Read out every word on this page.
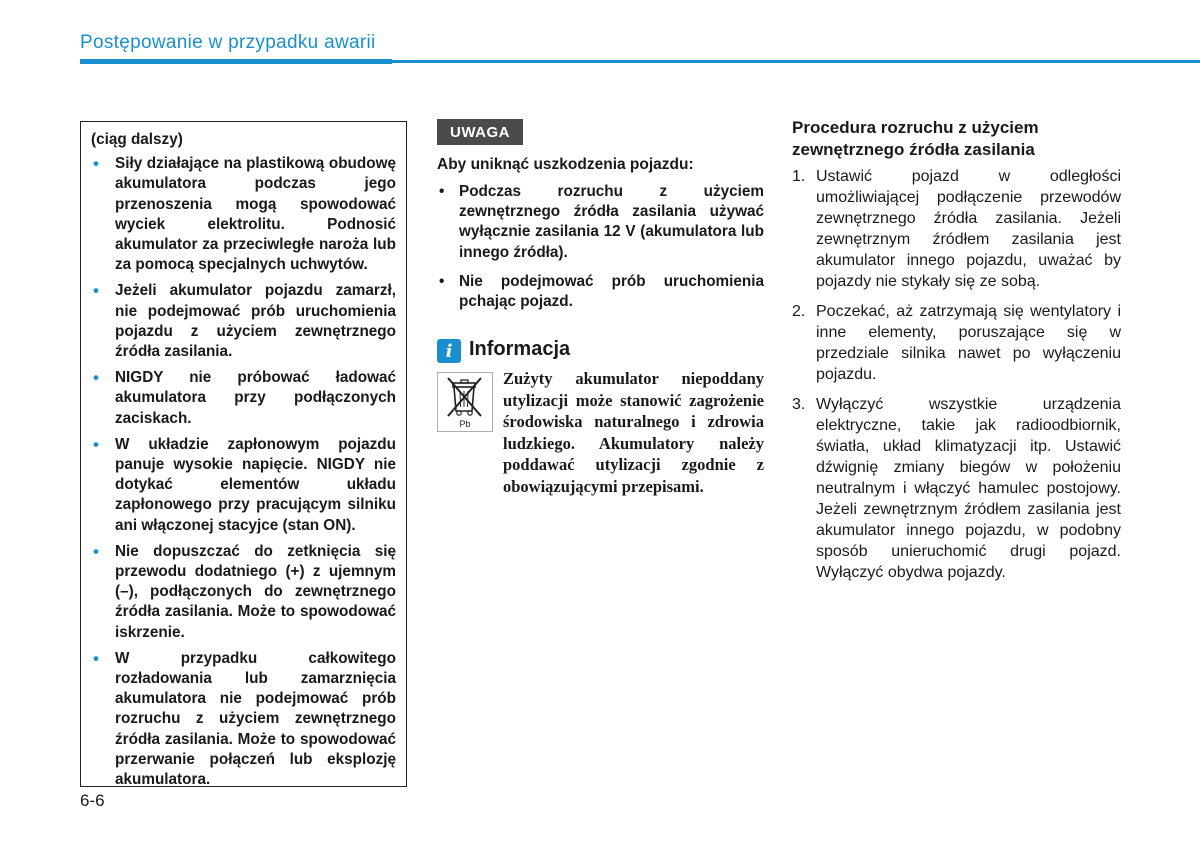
Postępowanie w przypadku awarii
(ciąg dalszy)
• Siły działające na plastikową obudowę akumulatora podczas jego przenoszenia mogą spowodować wyciek elektrolitu. Podnosić akumulator za przeciwległe naroża lub za pomocą specjalnych uchwytów.
• Jeżeli akumulator pojazdu zamarzł, nie podejmować prób uruchomienia pojazdu z użyciem zewnętrznego źródła zasilania.
• NIGDY nie próbować ładować akumulatora przy podłączonych zaciskach.
• W układzie zapłonowym pojazdu panuje wysokie napięcie. NIGDY nie dotykać elementów układu zapłonowego przy pracującym silniku ani włączonej stacyjce (stan ON).
• Nie dopuszczać do zetknięcia się przewodu dodatniego (+) z ujemnym (–), podłączonych do zewnętrznego źródła zasilania. Może to spowodować iskrzenie.
• W przypadku całkowitego rozładowania lub zamarznięcia akumulatora nie podejmować prób rozruchu z użyciem zewnętrznego źródła zasilania. Może to spowodować przerwanie połączeń lub eksplozję akumulatora.
UWAGA
Aby uniknąć uszkodzenia pojazdu:
• Podczas rozruchu z użyciem zewnętrznego źródła zasilania używać wyłącznie zasilania 12 V (akumulatora lub innego źródła).
• Nie podejmować prób uruchomienia pchając pojazd.
i Informacja
Pb
Zużyty akumulator niepoddany utylizacji może stanowić zagrożenie środowiska naturalnego i zdrowia ludzkiego. Akumulatory należy poddawać utylizacji zgodnie z obowiązującymi przepisami.
Procedura rozruchu z użyciem zewnętrznego źródła zasilania
1. Ustawić pojazd w odległości umożliwiającej podłączenie przewodów zewnętrznego źródła zasilania. Jeżeli zewnętrznym źródłem zasilania jest akumulator innego pojazdu, uważać by pojazdy nie stykały się ze sobą.
2. Poczekać, aż zatrzymają się wentylatory i inne elementy, poruszające się w przedziale silnika nawet po wyłączeniu pojazdu.
3. Wyłączyć wszystkie urządzenia elektryczne, takie jak radioodbiornik, światła, układ klimatyzacji itp. Ustawić dźwignię zmiany biegów w położeniu neutralnym i włączyć hamulec postojowy. Jeżeli zewnętrznym źródłem zasilania jest akumulator innego pojazdu, w podobny sposób unieruchomić drugi pojazd. Wyłączyć obydwa pojazdy.
6-6
